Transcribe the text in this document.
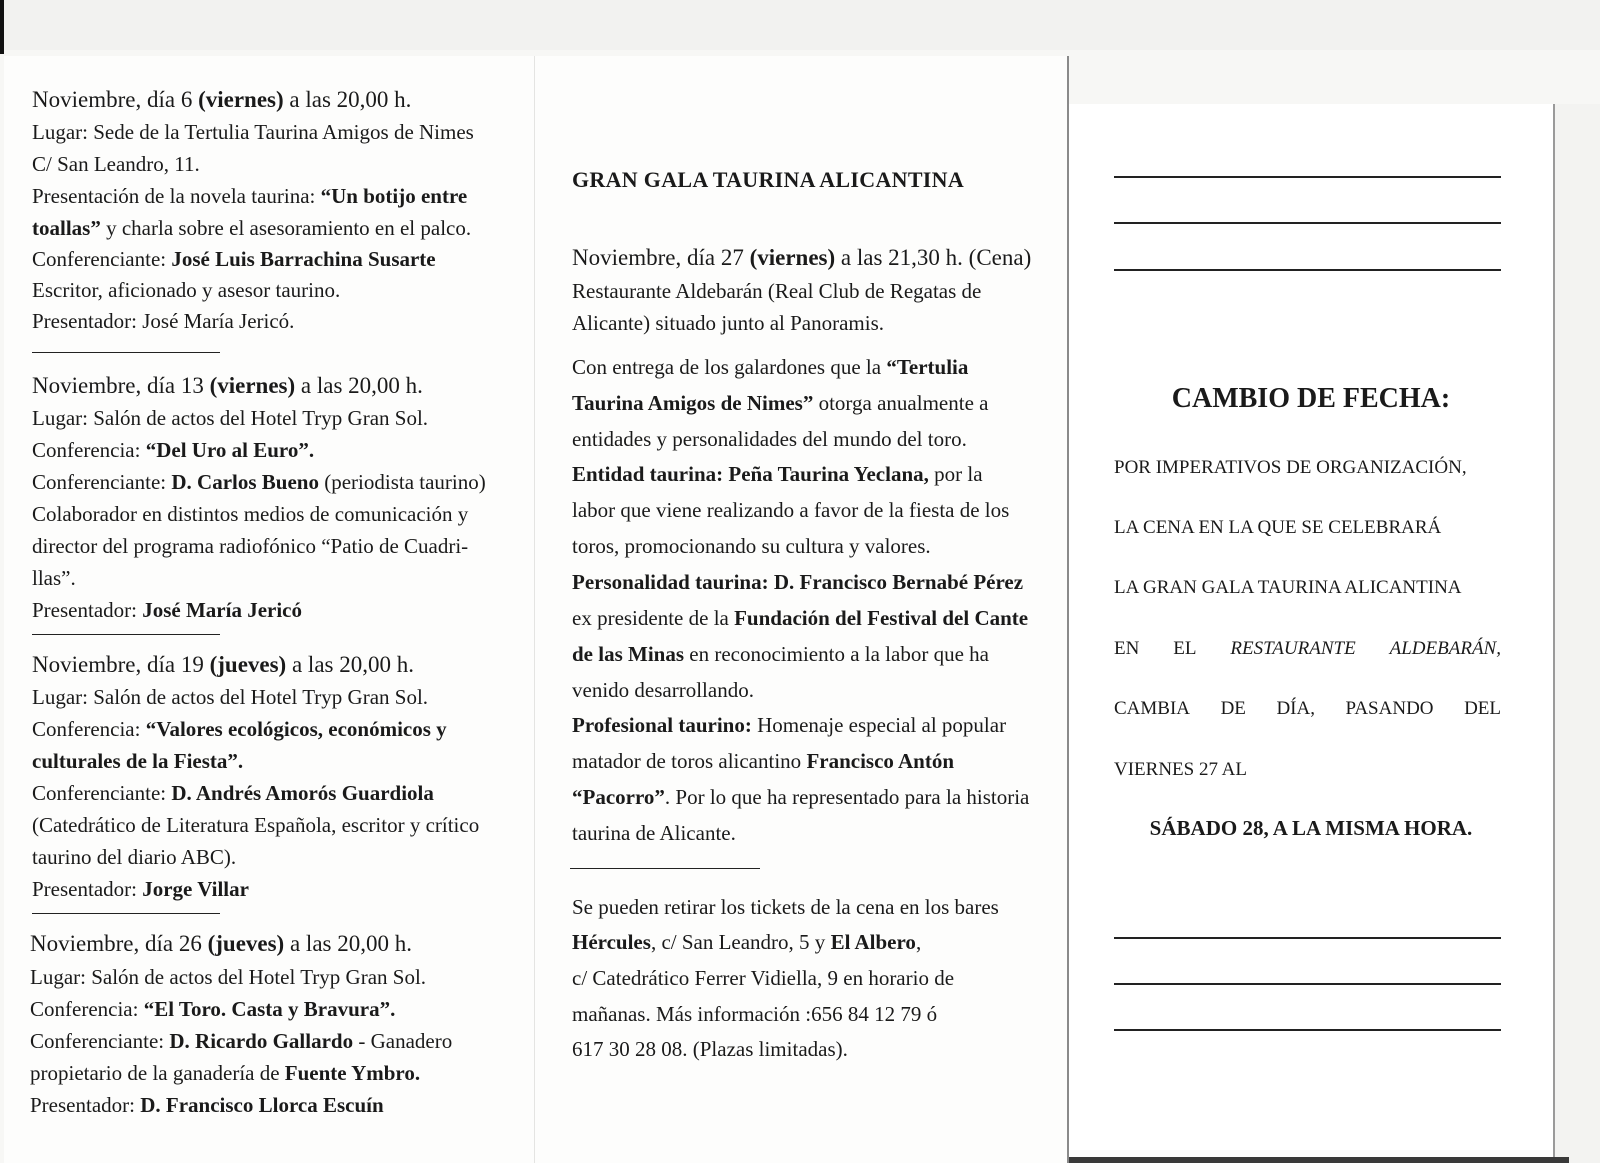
Noviembre, día 6 (viernes) a las 20,00 h.
Lugar: Sede de la Tertulia Taurina Amigos de Nimes
C/ San Leandro, 11.
Presentación de la novela taurina: “Un botijo entre
toallas” y charla sobre el asesoramiento en el palco.
Conferenciante: José Luis Barrachina Susarte
Escritor, aficionado y asesor taurino.
Presentador: José María Jericó.
Noviembre, día 13 (viernes) a las 20,00 h.
Lugar: Salón de actos del Hotel Tryp Gran Sol.
Conferencia: “Del Uro al Euro”.
Conferenciante: D. Carlos Bueno (periodista taurino)
Colaborador en distintos medios de comunicación y
director del programa radiofónico “Patio de Cuadri-
llas”.
Presentador: José María Jericó
Noviembre, día 19 (jueves) a las 20,00 h.
Lugar: Salón de actos del Hotel Tryp Gran Sol.
Conferencia: “Valores ecológicos, económicos y
culturales de la Fiesta”.
Conferenciante: D. Andrés Amorós Guardiola
(Catedrático de Literatura Española, escritor y crítico
taurino del diario ABC).
Presentador: Jorge Villar
Noviembre, día 26 (jueves) a las 20,00 h.
Lugar: Salón de actos del Hotel Tryp Gran Sol.
Conferencia: “El Toro. Casta y Bravura”.
Conferenciante: D. Ricardo Gallardo - Ganadero
propietario de la ganadería de Fuente Ymbro.
Presentador: D. Francisco Llorca Escuín
GRAN GALA TAURINA ALICANTINA
Noviembre, día 27 (viernes) a las 21,30 h. (Cena)
Restaurante Aldebarán (Real Club de Regatas de
Alicante) situado junto al Panoramis.
Con entrega de los galardones que la “Tertulia
Taurina Amigos de Nimes” otorga anualmente a
entidades y personalidades del mundo del toro.
Entidad taurina: Peña Taurina Yeclana, por la
labor que viene realizando a favor de la fiesta de los
toros, promocionando su cultura y valores.
Personalidad taurina: D. Francisco Bernabé Pérez
ex presidente de la Fundación del Festival del Cante
de las Minas en reconocimiento a la labor que ha
venido desarrollando.
Profesional taurino: Homenaje especial al popular
matador de toros alicantino Francisco Antón
“Pacorro”. Por lo que ha representado para la historia
taurina de Alicante.
Se pueden retirar los tickets de la cena en los bares
Hércules, c/ San Leandro, 5 y El Albero,
c/ Catedrático Ferrer Vidiella, 9 en horario de
mañanas. Más información :656 84 12 79 ó
617 30 28 08. (Plazas limitadas).
CAMBIO DE FECHA:
POR IMPERATIVOS DE ORGANIZACIÓN,
LA CENA EN LA QUE SE CELEBRARÁ
LA GRAN GALA TAURINA ALICANTINA
EN EL RESTAURANTE ALDEBARÁN,
CAMBIA DE DÍA, PASANDO DEL
VIERNES 27 AL
SÁBADO 28, A LA MISMA HORA.
